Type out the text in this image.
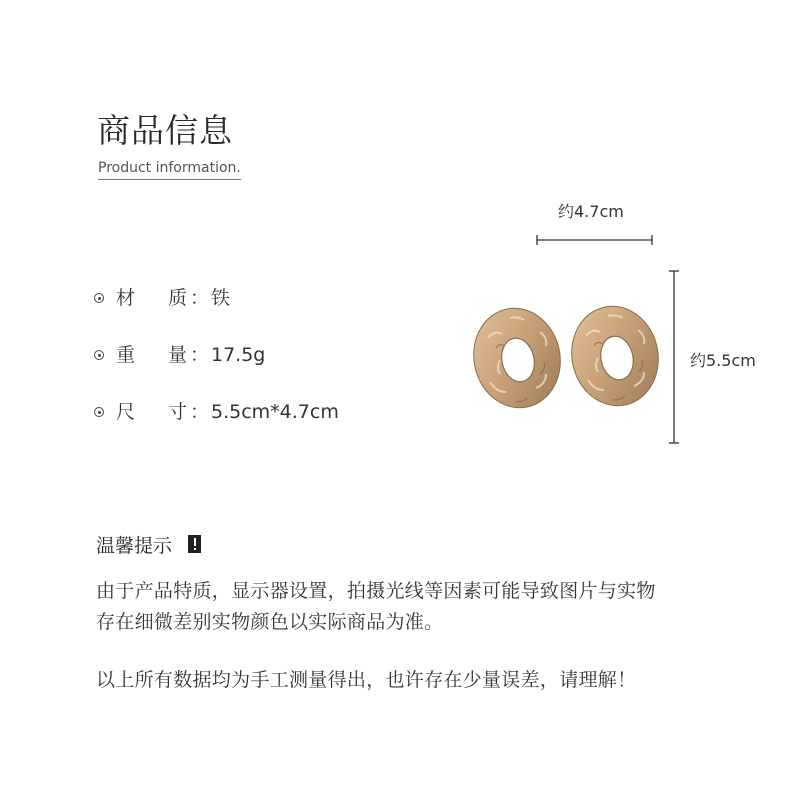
商品信息
Product information.
材 质 ： 铁
重 量 ： 17.5g
尺 寸 ： 5.5cm*4.7cm
约4.7cm
约5.5cm
温馨提示
由于产品特质，显示器设置，拍摄光线等因素可能导致图片与实物
存在细微差别实物颜色以实际商品为准。
以上所有数据均为手工测量得出，也许存在少量误差，请理解！
